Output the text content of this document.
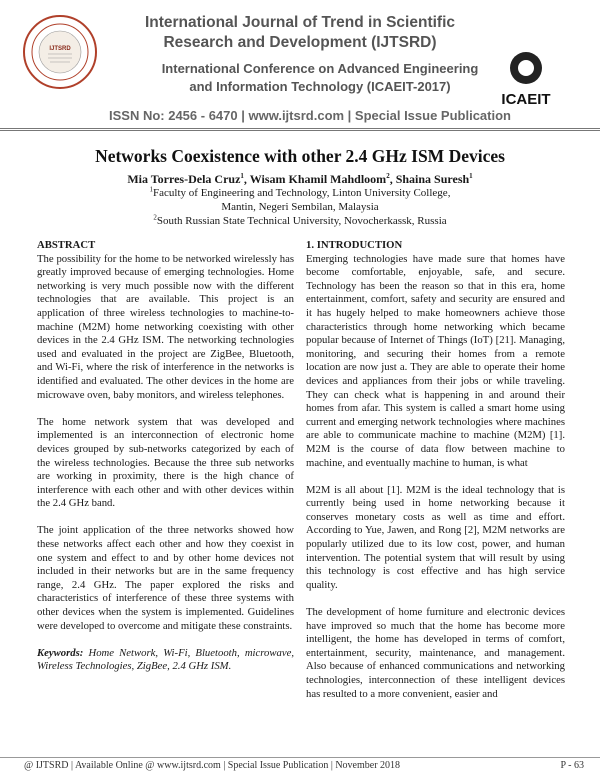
IJTSRD
International Journal of Trend in Scientific
Research and Development (IJTSRD)
International Conference on Advanced Engineering
and Information Technology (ICAEIT-2017)
ICAEIT
ISSN No: 2456 - 6470 | www.ijtsrd.com | Special Issue Publication
Networks Coexistence with other 2.4 GHz ISM Devices
Mia Torres-Dela Cruz$^1$, Wisam Khamil Mahdloom$^2$, Shaina Suresh$^1$
$^1$Faculty of Engineering and Technology, Linton University College,
Mantin, Negeri Sembilan, Malaysia
$^2$South Russian State Technical University, Novocherkassk, Russia
ABSTRACT

The possibility for the home to be networked wirelessly has greatly improved because of emerging technologies. Home networking is very much possible now with the different technologies that are available. This project is an application of three wireless technologies to machine-to-machine (M2M) home networking coexisting with other devices in the 2.4 GHz ISM. The networking technologies used and evaluated in the project are ZigBee, Bluetooth, and Wi-Fi, where the risk of interference in the networks is identified and evaluated. The other devices in the home are microwave oven, baby monitors, and wireless telephones.

The home network system that was developed and implemented is an interconnection of electronic home devices grouped by sub-networks categorized by each of the wireless technologies. Because the three sub networks are working in proximity, there is the high chance of interference with each other and with other devices within the 2.4 GHz band.

The joint application of the three networks showed how these networks affect each other and how they coexist in one system and effect to and by other home devices not included in their networks but are in the same frequency range, 2.4 GHz. The paper explored the risks and characteristics of interference of these three systems with other devices when the system is implemented. Guidelines were developed to overcome and mitigate these constraints.

Keywords: Home Network, Wi-Fi, Bluetooth, microwave, Wireless Technologies, ZigBee, 2.4 GHz ISM.

1. INTRODUCTION

Emerging technologies have made sure that homes have become comfortable, enjoyable, safe, and secure. Technology has been the reason so that in this era, home entertainment, comfort, safety and security are ensured and it has hugely helped to make homeowners achieve those characteristics through home networking which became popular because of Internet of Things (IoT) [21]. Managing, monitoring, and securing their homes from a remote location are now just a. They are able to operate their home devices and appliances from their jobs or while traveling. They can check what is happening in and around their homes from afar. This system is called a smart home using current and emerging network technologies where machines are able to communicate machine to machine (M2M) [1]. M2M is the course of data flow between machine to machine, and eventually machine to human, is what

M2M is all about [1]. M2M is the ideal technology that is currently being used in home networking because it conserves monetary costs as well as time and effort. According to Yue, Jawen, and Rong [2], M2M networks are popularly utilized due to its low cost, power, and human intervention. The potential system that will result by using this technology is cost effective and has high service quality.

The development of home furniture and electronic devices have improved so much that the home has become more intelligent, the home has developed in terms of comfort, entertainment, security, maintenance, and management. Also because of enhanced communications and networking technologies, interconnection of these intelligent devices has resulted to a more convenient, easier and

@ IJTSRD | Available Online @ www.ijtsrd.com | Special Issue Publication | November 2018	P - 63
